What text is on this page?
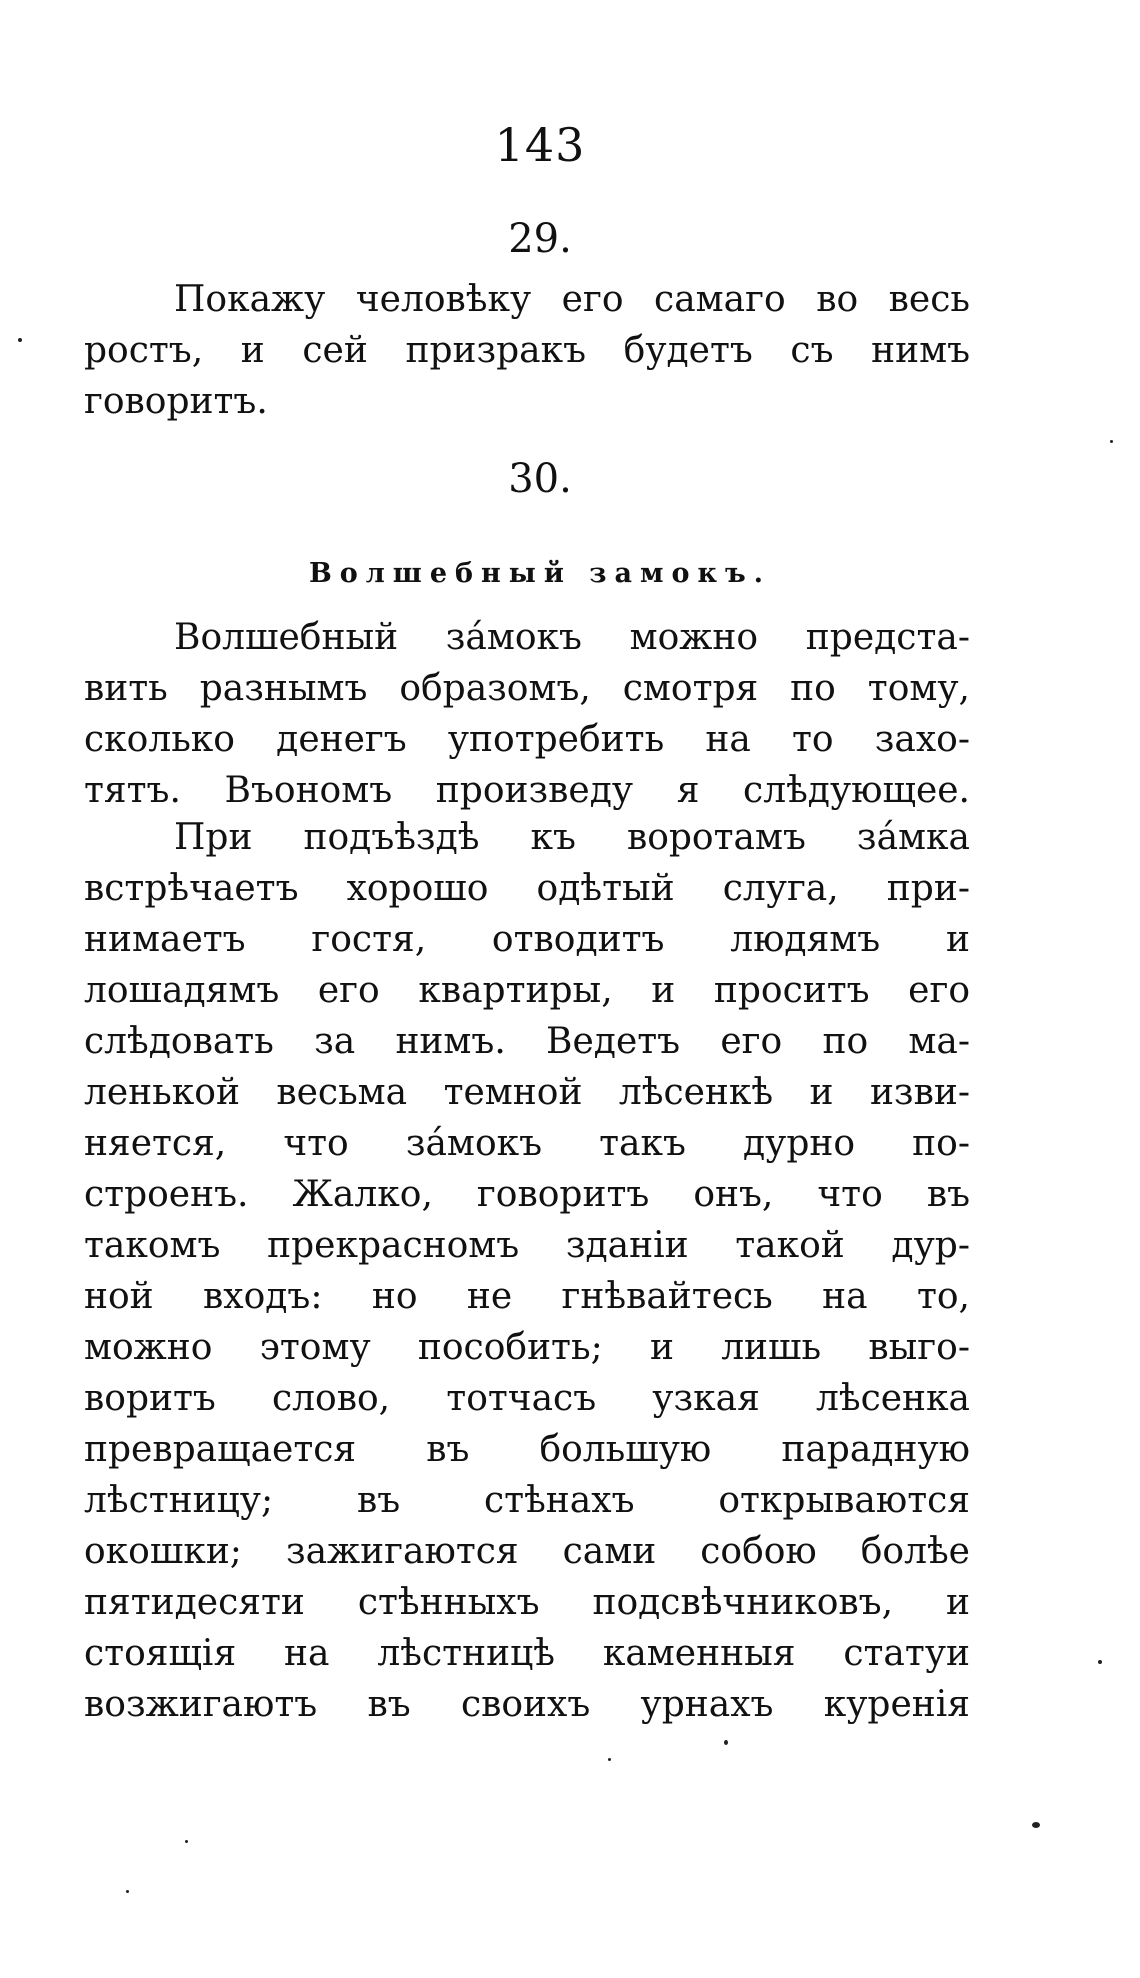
143
29.
Покажу человѣку его самаго во весь
ростъ, и сей призракъ будетъ съ нимъ
говоритъ.
30.
Волшебный замокъ.
Волшебный за́мокъ можно предста-
вить разнымъ образомъ, смотря по тому,
сколько денегъ употребить на то захо-
тятъ. Въономъ произведу я слѣдующее.
При подъѣздѣ къ воротамъ за́мка
встрѣчаетъ хорошо одѣтый слуга, при-
нимаетъ гостя, отводитъ людямъ и
лошадямъ его квартиры, и проситъ его
слѣдовать за нимъ. Ведетъ его по ма-
ленькой весьма темной лѣсенкѣ и изви-
няется, что за́мокъ такъ дурно по-
строенъ. Жалко, говоритъ онъ, что въ
такомъ прекрасномъ зданіи такой дур-
ной входъ: но не гнѣвайтесь на то,
можно этому пособить; и лишь выго-
воритъ слово, тотчасъ узкая лѣсенка
превращается въ большую парадную
лѣстницу; въ стѣнахъ открываются
окошки; зажигаются сами собою болѣе
пятидесяти стѣнныхъ подсвѣчниковъ, и
стоящія на лѣстницѣ каменныя статуи
возжигаютъ въ своихъ урнахъ куренія
